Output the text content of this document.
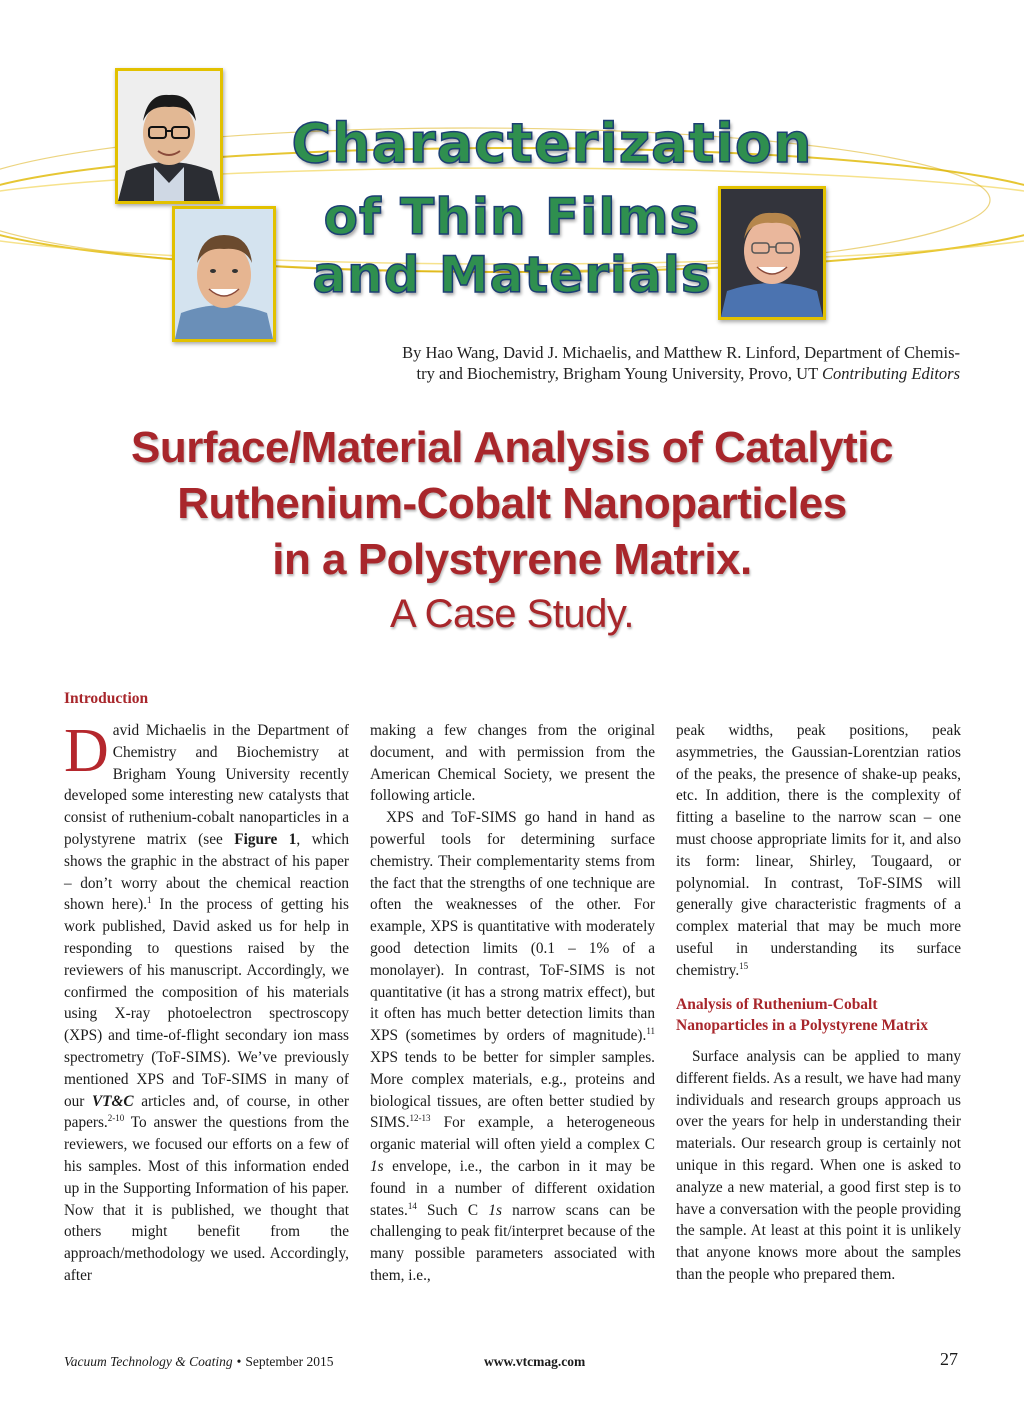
Characterization
of Thin Films
and Materials
By Hao Wang, David J. Michaelis, and Matthew R. Linford, Department of Chemis-
try and Biochemistry, Brigham Young University, Provo, UT Contributing Editors
Surface/Material Analysis of Catalytic
Ruthenium-Cobalt Nanoparticles
in a Polystyrene Matrix.
A Case Study.
Introduction

David Michaelis in the Department of Chemistry and Biochemistry at Brigham Young University recently developed some interesting new catalysts that consist of ruthenium-cobalt nanoparticles in a polystyrene matrix (see Figure 1, which shows the graphic in the abstract of his paper – don’t worry about the chemical reaction shown here).$^1$ In the process of getting his work published, David asked us for help in responding to questions raised by the reviewers of his manuscript. Accordingly, we confirmed the composition of his materials using X-ray photoelectron spectroscopy (XPS) and time-of-flight secondary ion mass spectrometry (ToF-SIMS). We’ve previously mentioned XPS and ToF-SIMS in many of our VT&C articles and, of course, in other papers.$^{2-10}$ To answer the questions from the reviewers, we focused our efforts on a few of his samples. Most of this information ended up in the Supporting Information of his paper. Now that it is published, we thought that others might benefit from the approach/methodology we used. Accordingly, after

making a few changes from the original document, and with permission from the American Chemical Society, we present the following article.

XPS and ToF-SIMS go hand in hand as powerful tools for determining surface chemistry. Their complementarity stems from the fact that the strengths of one technique are often the weaknesses of the other. For example, XPS is quantitative with moderately good detection limits (0.1 – 1% of a monolayer). In contrast, ToF-SIMS is not quantitative (it has a strong matrix effect), but it often has much better detection limits than XPS (sometimes by orders of magnitude).$^{11}$ XPS tends to be better for simpler samples. More complex materials, e.g., proteins and biological tissues, are often better studied by SIMS.$^{12-13}$ For example, a heterogeneous organic material will often yield a complex C 1s envelope, i.e., the carbon in it may be found in a number of different oxidation states.$^{14}$ Such C 1s narrow scans can be challenging to peak fit/interpret because of the many possible parameters associated with them, i.e.,

peak widths, peak positions, peak asymmetries, the Gaussian-Lorentzian ratios of the peaks, the presence of shake-up peaks, etc. In addition, there is the complexity of fitting a baseline to the narrow scan – one must choose appropriate limits for it, and also its form: linear, Shirley, Tougaard, or polynomial. In contrast, ToF-SIMS will generally give characteristic fragments of a complex material that may be much more useful in understanding its surface chemistry.$^{15}$

Analysis of Ruthenium-Cobalt Nanoparticles in a Polystyrene Matrix

Surface analysis can be applied to many different fields. As a result, we have had many individuals and research groups approach us over the years for help in understanding their materials. Our research group is certainly not unique in this regard. When one is asked to analyze a new material, a good first step is to have a conversation with the people providing the sample. At least at this point it is unlikely that anyone knows more about the samples than the people who prepared them.

Vacuum Technology & Coating • September 2015	www.vtcmag.com	27
